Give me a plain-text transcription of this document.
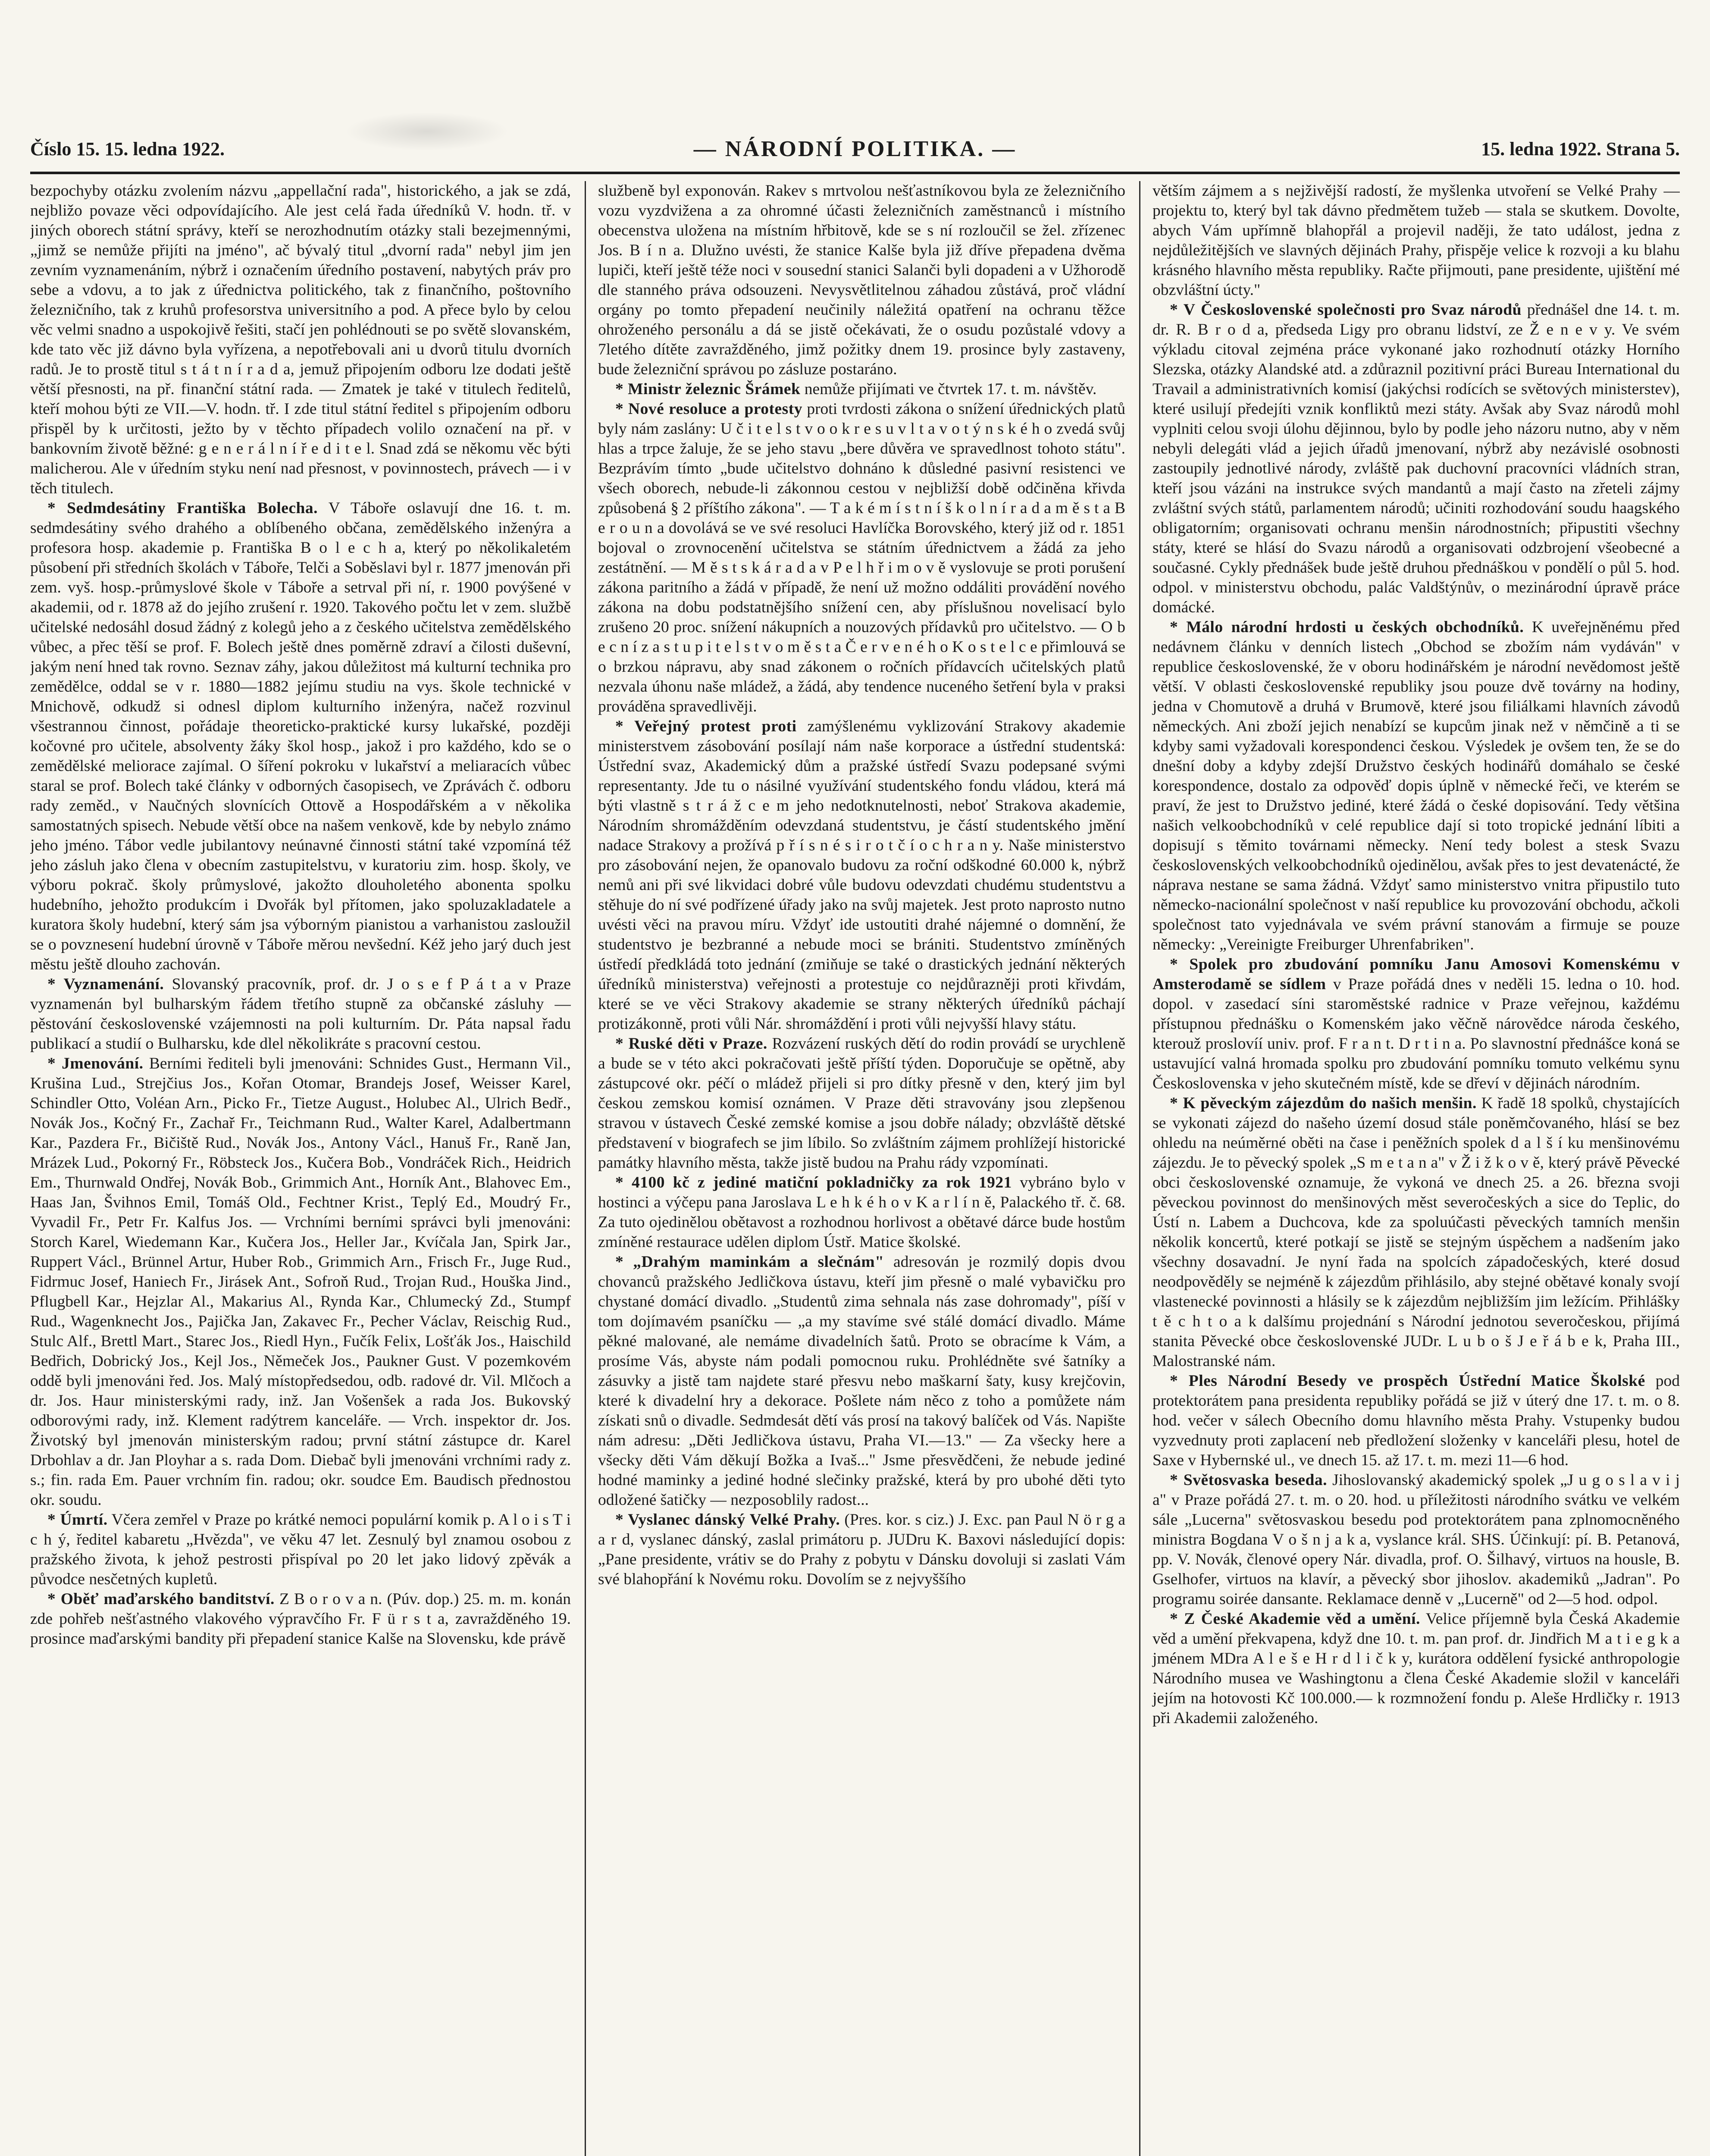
Číslo 15. 15. ledna 1922.	— NÁRODNÍ POLITIKA. —	15. ledna 1922. Strana 5.

bezpochyby otázku zvolením názvu „appellační rada", historického, a jak se zdá, nejbližo povaze věci odpovídajícího. Ale jest celá řada úředníků V. hodn. tř. v jiných oborech státní správy, kteří se nerozhodnutím otázky stali bezejmennými, „jimž se nemůže přijíti na jméno", ač bývalý titul „dvorní rada" nebyl jim jen zevním vyznamenáním, nýbrž i označením úředního postavení, nabytých práv pro sebe a vdovu, a to jak z úřednictva politického, tak z finančního, poštovního železničního, tak z kruhů profesorstva universitního a pod. A přece bylo by celou věc velmi snadno a uspokojivě řešiti, stačí jen pohlédnouti se po světě slovanském, kde tato věc již dávno byla vyřízena, a nepotřebovali ani u dvorů titulu dvorních radů. Je to prostě titul s t á t n í r a d a, jemuž připojením odboru lze dodati ještě větší přesnosti, na př. finanční státní rada. — Zmatek je také v titulech ředitelů, kteří mohou býti ze VII.—V. hodn. tř. I zde titul státní ředitel s připojením odboru přispěl by k určitosti, ježto by v těchto případech volilo označení na př. v bankovním životě běžné: g e n e r á l n í ř e d i t e l. Snad zdá se někomu věc býti malicherou. Ale v úředním styku není nad přesnost, v povinnostech, právech — i v těch titulech.

* Sedmdesátiny Františka Bolecha. V Táboře oslavují dne 16. t. m. sedmdesátiny svého drahého a oblíbeného občana, zemědělského inženýra a profesora hosp. akademie p. Františka B o l e c h a, který po několikaletém působení při středních školách v Táboře, Telči a Soběslavi byl r. 1877 jmenován při zem. vyš. hosp.-průmyslové škole v Táboře a setrval při ní, r. 1900 povýšené v akademii, od r. 1878 až do jejího zrušení r. 1920. Takového počtu let v zem. službě učitelské nedosáhl dosud žádný z kolegů jeho a z českého učitelstva zemědělského vůbec, a přec těší se prof. F. Bolech ještě dnes poměrně zdraví a čilosti duševní, jakým není hned tak rovno. Seznav záhy, jakou důležitost má kulturní technika pro zemědělce, oddal se v r. 1880—1882 jejímu studiu na vys. škole technické v Mnichově, odkudž si odnesl diplom kulturního inženýra, načež rozvinul všestrannou činnost, pořádaje theoreticko-praktické kursy lukařské, později kočovné pro učitele, absolventy žáky škol hosp., jakož i pro každého, kdo se o zemědělské meliorace zajímal. O šíření pokroku v lukařství a meliaracích vůbec staral se prof. Bolech také články v odborných časopisech, ve Zprávách č. odboru rady zeměd., v Naučných slovnících Ottově a Hospodářském a v několika samostatných spisech. Nebude větší obce na našem venkově, kde by nebylo známo jeho jméno. Tábor vedle jubilantovy neúnavné činnosti státní také vzpomíná též jeho zásluh jako člena v obecním zastupitelstvu, v kuratoriu zim. hosp. školy, ve výboru pokrač. školy průmyslové, jakožto dlouholetého abonenta spolku hudebního, jehožto produkcím i Dvořák byl přítomen, jako spoluzakladatele a kuratora školy hudební, který sám jsa výborným pianistou a varhanistou zasloužil se o povznesení hudební úrovně v Táboře měrou nevšední. Kéž jeho jarý duch jest městu ještě dlouho zachován.

* Vyznamenání. Slovanský pracovník, prof. dr. J o s e f P á t a v Praze vyznamenán byl bulharským řádem třetího stupně za občanské zásluhy — pěstování československé vzájemnosti na poli kulturním. Dr. Páta napsal řadu publikací a studií o Bulharsku, kde dlel několikráte s pracovní cestou.

* Jmenování. Berními řediteli byli jmenováni: Schnides Gust., Hermann Vil., Krušina Lud., Strejčius Jos., Kořan Otomar, Brandejs Josef, Weisser Karel, Schindler Otto, Voléan Arn., Picko Fr., Tietze August., Holubec Al., Ulrich Bedř., Novák Jos., Kočný Fr., Zachař Fr., Teichmann Rud., Walter Karel, Adalbertmann Kar., Pazdera Fr., Bičiště Rud., Novák Jos., Antony Václ., Hanuš Fr., Raně Jan, Mrázek Lud., Pokorný Fr., Röbsteck Jos., Kučera Bob., Vondráček Rich., Heidrich Em., Thurnwald Ondřej, Novák Bob., Grimmich Ant., Horník Ant., Blahovec Em., Haas Jan, Švihnos Emil, Tomáš Old., Fechtner Krist., Teplý Ed., Moudrý Fr., Vyvadil Fr., Petr Fr. Kalfus Jos. — Vrchními berními správci byli jmenováni: Storch Karel, Wiedemann Kar., Kučera Jos., Heller Jar., Kvíčala Jan, Spirk Jar., Ruppert Václ., Brünnel Artur, Huber Rob., Grimmich Arn., Frisch Fr., Juge Rud., Fidrmuc Josef, Haniech Fr., Jirásek Ant., Sofroň Rud., Trojan Rud., Houška Jind., Pflugbell Kar., Hejzlar Al., Makarius Al., Rynda Kar., Chlumecký Zd., Stumpf Rud., Wagenknecht Jos., Pajička Jan, Zakavec Fr., Pecher Václav, Reischig Rud., Stulc Alf., Brettl Mart., Starec Jos., Riedl Hyn., Fučík Felix, Lošťák Jos., Haischild Bedřich, Dobrický Jos., Kejl Jos., Němeček Jos., Paukner Gust. V pozemkovém oddě byli jmenováni řed. Jos. Malý místopředsedou, odb. radové dr. Vil. Mlčoch a dr. Jos. Haur ministerskými rady, inž. Jan Vošenšek a rada Jos. Bukovský odborovými rady, inž. Klement radýtrem kanceláře. — Vrch. inspektor dr. Jos. Životský byl jmenován ministerským radou; první státní zástupce dr. Karel Drbohlav a dr. Jan Ployhar a s. rada Dom. Diebač byli jmenováni vrchními rady z. s.; fin. rada Em. Pauer vrchním fin. radou; okr. soudce Em. Baudisch přednostou okr. soudu.

* Úmrtí. Včera zemřel v Praze po krátké nemoci populární komik p. A l o i s T i c h ý, ředitel kabaretu „Hvězda", ve věku 47 let. Zesnulý byl znamou osobou z pražského života, k jehož pestrosti přispíval po 20 let jako lidový zpěvák a původce nesčetných kupletů.

* Oběť maďarského banditství. Z B o r o v a n. (Púv. dop.) 25. m. m. konán zde pohřeb nešťastného vlakového výpravčího Fr. F ü r s t a, zavražděného 19. prosince maďarskými bandity při přepadení stanice Kalše na Slovensku, kde právě

službeně byl exponován. Rakev s mrtvolou nešťastníkovou byla ze železničního vozu vyzdvižena a za ohromné účasti železničních zaměstnanců i místního obecenstva uložena na místním hřbitově, kde se s ní rozloučil se žel. zřízenec Jos. B í n a. Dlužno uvésti, že stanice Kalše byla již dříve přepadena dvěma lupiči, kteří ještě téže noci v sousední stanici Salanči byli dopadeni a v Užhorodě dle stanného práva odsouzeni. Nevysvětlitelnou záhadou zůstává, proč vládní orgány po tomto přepadení neučinily náležitá opatření na ochranu těžce ohroženého personálu a dá se jistě očekávati, že o osudu pozůstalé vdovy a 7letého dítěte zavražděného, jimž požitky dnem 19. prosince byly zastaveny, bude železniční správou po zásluze postaráno.

* Ministr železnic Šrámek nemůže přijímati ve čtvrtek 17. t. m. návštěv.

* Nové resoluce a protesty proti tvrdosti zákona o snížení úřednických platů byly nám zaslány: U č i t e l s t v o o k r e s u v l t a v o t ý n s k é h o zvedá svůj hlas a trpce žaluje, že se jeho stavu „bere důvěra ve spravedlnost tohoto státu". Bezprávím tímto „bude učitelstvo dohnáno k důsledné pasivní resistenci ve všech oborech, nebude-li zákonnou cestou v nejbližší době odčiněna křivda způsobená § 2 příštího zákona". — T a k é m í s t n í š k o l n í r a d a m ě s t a B e r o u n a dovolává se ve své resoluci Havlíčka Borovského, který již od r. 1851 bojoval o zrovnocenění učitelstva se státním úřednictvem a žádá za jeho zestátnění. — M ě s t s k á r a d a v P e l h ř i m o v ě vyslovuje se proti porušení zákona paritního a žádá v případě, že není už možno oddáliti provádění nového zákona na dobu podstatnějšího snížení cen, aby příslušnou novelisací bylo zrušeno 20 proc. snížení nákupních a nouzových přídavků pro učitelstvo. — O b e c n í z a s t u p i t e l s t v o m ě s t a Č e r v e n é h o K o s t e l c e přimlouvá se o brzkou nápravu, aby snad zákonem o ročních přídavcích učitelských platů nezvala úhonu naše mládež, a žádá, aby tendence nuceného šetření byla v praksi prováděna spravedlivěji.

* Veřejný protest proti zamýšlenému vyklizování Strakovy akademie ministerstvem zásobování posílají nám naše korporace a ústřední studentská: Ústřední svaz, Akademický dům a pražské ústředí Svazu podepsané svými representanty. Jde tu o násilné využívání studentského fondu vládou, která má býti vlastně s t r á ž c e m jeho nedotknutelnosti, neboť Strakova akademie, Národním shromážděním odevzdaná studentstvu, je částí studentského jmění nadace Strakovy a prožívá p ř í s n é s i r o t č í o c h r a n y. Naše ministerstvo pro zásobování nejen, že opanovalo budovu za roční odškodné 60.000 k, nýbrž nemů ani při své likvidaci dobré vůle budovu odevzdati chudému studentstvu a stěhuje do ní své podřízené úřady jako na svůj majetek. Jest proto naprosto nutno uvésti věci na pravou míru. Vždyť ide ustoutiti drahé nájemné o domnění, že studentstvo je bezbranné a nebude moci se brániti. Studentstvo zmíněných ústředí předkládá toto jednání (zmiňuje se také o drastických jednání některých úředníků ministerstva) veřejnosti a protestuje co nejdůrazněji proti křivdám, které se ve věci Strakovy akademie se strany některých úředníků páchají protizákonně, proti vůli Nár. shromáždění i proti vůli nejvyšší hlavy státu.

* Ruské děti v Praze. Rozvázení ruských dětí do rodin provádí se urychleně a bude se v této akci pokračovati ještě příští týden. Doporučuje se opětně, aby zástupcové okr. péčí o mládež přijeli si pro dítky přesně v den, který jim byl českou zemskou komisí oznámen. V Praze děti stravovány jsou zlepšenou stravou v ústavech České zemské komise a jsou dobře nálady; obzvláště dětské představení v biografech se jim líbilo. So zvláštním zájmem prohlížejí historické památky hlavního města, takže jistě budou na Prahu rády vzpomínati.

* 4100 kč z jediné matiční pokladničky za rok 1921 vybráno bylo v hostinci a výčepu pana Jaroslava L e h k é h o v K a r l í n ě, Palackého tř. č. 68. Za tuto ojedinělou obětavost a rozhodnou horlivost a obětavé dárce bude hostům zmíněné restaurace udělen diplom Ústř. Matice školské.

* „Drahým maminkám a slečnám" adresován je rozmilý dopis dvou chovanců pražského Jedličkova ústavu, kteří jim přesně o malé vybavičku pro chystané domácí divadlo. „Studentů zima sehnala nás zase dohromady", píší v tom dojímavém psaníčku — „a my stavíme své stálé domácí divadlo. Máme pěkné malované, ale nemáme divadelních šatů. Proto se obracíme k Vám, a prosíme Vás, abyste nám podali pomocnou ruku. Prohlédněte své šatníky a zásuvky a jistě tam najdete staré přesvu nebo maškarní šaty, kusy krejčovin, které k divadelní hry a dekorace. Pošlete nám něco z toho a pomůžete nám získati snů o divadle. Sedmdesát dětí vás prosí na takový balíček od Vás. Napište nám adresu: „Děti Jedličkova ústavu, Praha VI.—13." — Za všecky here a všecky děti Vám děkují Božka a Ivaš..." Jsme přesvědčeni, že nebude jediné hodné maminky a jediné hodné slečinky pražské, která by pro ubohé děti tyto odložené šatičky — nezposoblily radost...

* Vyslanec dánský Velké Prahy. (Pres. kor. s ciz.) J. Exc. pan Paul N ö r g a a r d, vyslanec dánský, zaslal primátoru p. JUDru K. Baxovi následující dopis: „Pane presidente, vrátiv se do Prahy z pobytu v Dánsku dovoluji si zaslati Vám své blahopřání k Novému roku. Dovolím se z nejvyššího

větším zájmem a s nejživější radostí, že myšlenka utvoření se Velké Prahy — projektu to, který byl tak dávno předmětem tužeb — stala se skutkem. Dovolte, abych Vám upřímně blahopřál a projevil naději, že tato událost, jedna z nejdůležitějších ve slavných dějinách Prahy, přispěje velice k rozvoji a ku blahu krásného hlavního města republiky. Račte přijmouti, pane presidente, ujištění mé obzvláštní úcty."

* V Československé společnosti pro Svaz národů přednášel dne 14. t. m. dr. R. B r o d a, předseda Ligy pro obranu lidství, ze Ž e n e v y. Ve svém výkladu citoval zejména práce vykonané jako rozhodnutí otázky Horního Slezska, otázky Alandské atd. a zdůraznil pozitivní práci Bureau International du Travail a administrativních komisí (jakýchsi rodících se světových ministerstev), které usilují předejíti vznik konfliktů mezi státy. Avšak aby Svaz národů mohl vyplniti celou svoji úlohu dějinnou, bylo by podle jeho názoru nutno, aby v něm nebyli delegáti vlád a jejich úřadů jmenovaní, nýbrž aby nezávislé osobnosti zastoupily jednotlivé národy, zvláště pak duchovní pracovníci vládních stran, kteří jsou vázáni na instrukce svých mandantů a mají často na zřeteli zájmy zvláštní svých států, parlamentem národů; učiniti rozhodování soudu haagského obligatorním; organisovati ochranu menšin národnostních; připustiti všechny státy, které se hlásí do Svazu národů a organisovati odzbrojení všeobecné a současné. Cykly přednášek bude ještě druhou přednáškou v pondělí o půl 5. hod. odpol. v ministerstvu obchodu, palác Valdštýnův, o mezinárodní úpravě práce domácké.

* Málo národní hrdosti u českých obchodníků. K uveřejněnému před nedávnem článku v denních listech „Obchod se zbožím nám vydáván" v republice československé, že v oboru hodinářském je národní nevědomost ještě větší. V oblasti československé republiky jsou pouze dvě továrny na hodiny, jedna v Chomutově a druhá v Brumově, které jsou filiálkami hlavních závodů německých. Ani zboží jejich nenabízí se kupcům jinak než v němčině a ti se kdyby sami vyžadovali korespondenci českou. Výsledek je ovšem ten, že se do dnešní doby a kdyby zdejší Družstvo českých hodinářů domáhalo se české korespondence, dostalo za odpověď dopis úplně v německé řeči, ve kterém se praví, že jest to Družstvo jediné, které žádá o české dopisování. Tedy většina našich velkoobchodníků v celé republice dají si toto tropické jednání líbiti a dopisují s těmito továrnami německy. Není tedy bolest a stesk Svazu československých velkoobchodníků ojedinělou, avšak přes to jest devatenácté, že náprava nestane se sama žádná. Vždyť samo ministerstvo vnitra připustilo tuto německo-nacionální společnost v naší republice ku provozování obchodu, ačkoli společnost tato vyjednávala ve svém právní stanovám a firmuje se pouze německy: „Vereinigte Freiburger Uhrenfabriken".

* Spolek pro zbudování pomníku Janu Amosovi Komenskému v Amsterodamě se sídlem v Praze pořádá dnes v neděli 15. ledna o 10. hod. dopol. v zasedací síni staroměstské radnice v Praze veřejnou, každému přístupnou přednášku o Komenském jako věčně nárovědce národa českého, kterouž proslovíí univ. prof. F r a n t. D r t i n a. Po slavnostní přednášce koná se ustavující valná hromada spolku pro zbudování pomníku tomuto velkému synu Československa v jeho skutečném místě, kde se dřeví v dějinách národním.

* K pěveckým zájezdům do našich menšin. K řadě 18 spolků, chystajících se vykonati zájezd do našeho území dosud stále poněmčovaného, hlásí se bez ohledu na neúměrné oběti na čase i peněžních spolek d a l š í ku menšinovému zájezdu. Je to pěvecký spolek „S m e t a n a" v Ž i ž k o v ě, který právě Pěvecké obci československé oznamuje, že vykoná ve dnech 25. a 26. března svoji pěveckou povinnost do menšinových měst severočeských a sice do Teplic, do Ústí n. Labem a Duchcova, kde za spoluúčasti pěveckých tamních menšin několik koncertů, které potkají se jistě se stejným úspěchem a nadšením jako všechny dosavadní. Je nyní řada na spolcích západočeských, které dosud neodpověděly se nejméně k zájezdům přihlásilo, aby stejné obětavé konaly svojí vlastenecké povinnosti a hlásily se k zájezdům nejbližším jim ležícím. Přihlášky t ě c h t o a k dalšímu projednání s Národní jednotou severočeskou, přijímá stanita Pěvecké obce československé JUDr. L u b o š J e ř á b e k, Praha III., Malostranské nám.

* Ples Národní Besedy ve prospěch Ústřední Matice Školské pod protektorátem pana presidenta republiky pořádá se již v úterý dne 17. t. m. o 8. hod. večer v sálech Obecního domu hlavního města Prahy. Vstupenky budou vyzvednuty proti zaplacení neb předložení složenky v kanceláři plesu, hotel de Saxe v Hybernské ul., ve dnech 15. až 17. t. m. mezi 11—6 hod.

* Světosvaska beseda. Jihoslovanský akademický spolek „J u g o s l a v i j a" v Praze pořádá 27. t. m. o 20. hod. u příležitosti národního svátku ve velkém sále „Lucerna" světosvaskou besedu pod protektorátem pana zplnomocněného ministra Bogdana V o š n j a k a, vyslance král. SHS. Účinkují: pí. B. Petanová, pp. V. Novák, členové opery Nár. divadla, prof. O. Šilhavý, virtuos na housle, B. Gselhofer, virtuos na klavír, a pěvecký sbor jihoslov. akademiků „Jadran". Po programu soirée dansante. Reklamace denně v „Lucerně" od 2—5 hod. odpol.

* Z České Akademie věd a umění. Velice příjemně byla Česká Akademie věd a umění překvapena, když dne 10. t. m. pan prof. dr. Jindřich M a t i e g k a jménem MDra A l e š e H r d l i č k y, kurátora oddělení fysické anthropologie Národního musea ve Washingtonu a člena České Akademie složil v kanceláři jejím na hotovosti Kč 100.000.— k rozmnožení fondu p. Aleše Hrdličky r. 1913 při Akademii založeného.
